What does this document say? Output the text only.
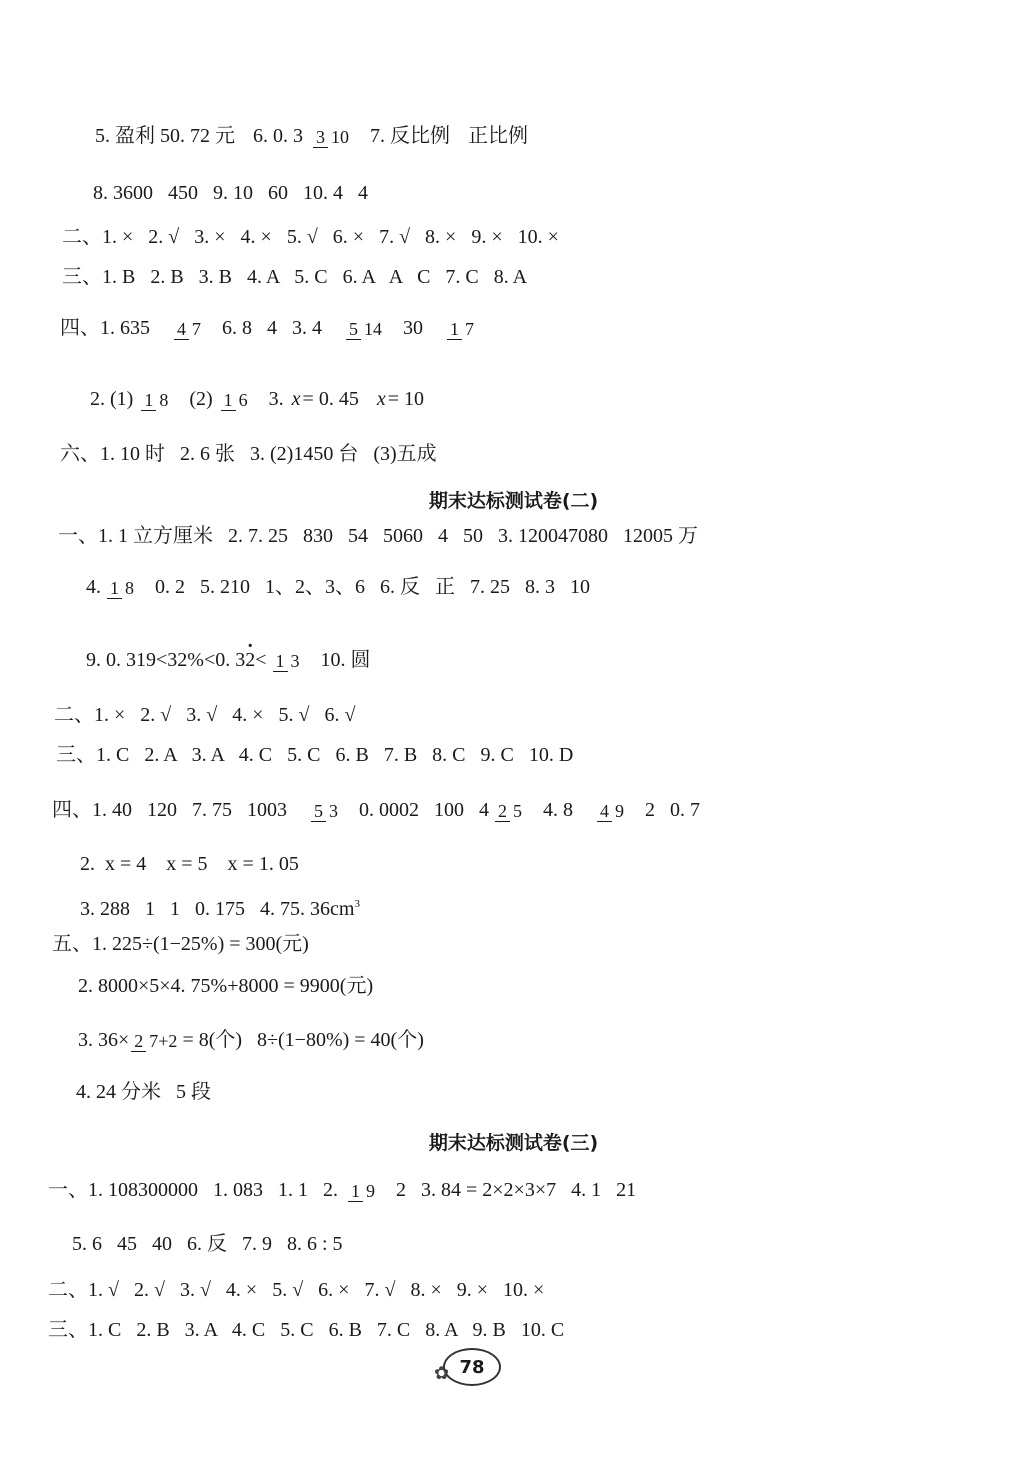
5. 盈利 50. 72 元 6. 0. 3 3 10 7. 反比例 正比例
8. 3600   450   9. 10   60   10. 4   4
二、1. ×   2. √   3. ×   4. ×   5. √   6. ×   7. √   8. ×   9. ×   10. ×
三、1. B   2. B   3. B   4. A   5. C   6. A   A   C   7. C   8. A
四、1. 635 4 7 6. 8   4   3. 4 5 14 30 1 7
2. (1) 1 8 (2) 1 6 3. x = 0. 45 x = 10
六、1. 10 时   2. 6 张   3. (2)1450 台   (3)五成
期末达标测试卷(二)
一、1. 1 立方厘米   2. 7. 25   830   54   5060   4   50   3. 120047080   12005 万
4. 1 8 0. 2   5. 210   1、2、3、6   6. 反   正   7. 25   8. 3   10
9. 0. 319<32%<0. 32 ·< 1 3 10. 圆
二、1. ×   2. √   3. √   4. ×   5. √   6. √
三、1. C   2. A   3. A   4. C   5. C   6. B   7. B   8. C   9. C   10. D
四、1. 40   120   7. 75   1003 5 3 0. 0002   100   4 2 5 4. 8 4 9 2   0. 7
2.  x = 4    x = 5    x = 1. 05
3. 288   1   1   0. 175   4. 75. 36cm3
五、1. 225÷(1−25%) = 300(元)
2. 8000×5×4. 75%+8000 = 9900(元)
3. 36× 2 7+2 = 8(个)   8÷(1−80%) = 40(个)
4. 24 分米   5 段
期末达标测试卷(三)
一、1. 108300000   1. 083   1. 1   2. 1 9 2   3. 84 = 2×2×3×7   4. 1   21
5. 6   45   40   6. 反   7. 9   8. 6 : 5
二、1. √   2. √   3. √   4. ×   5. √   6. ×   7. √   8. ×   9. ×   10. ×
三、1. C   2. B   3. A   4. C   5. C   6. B   7. C   8. A   9. B   10. C
78
✿
